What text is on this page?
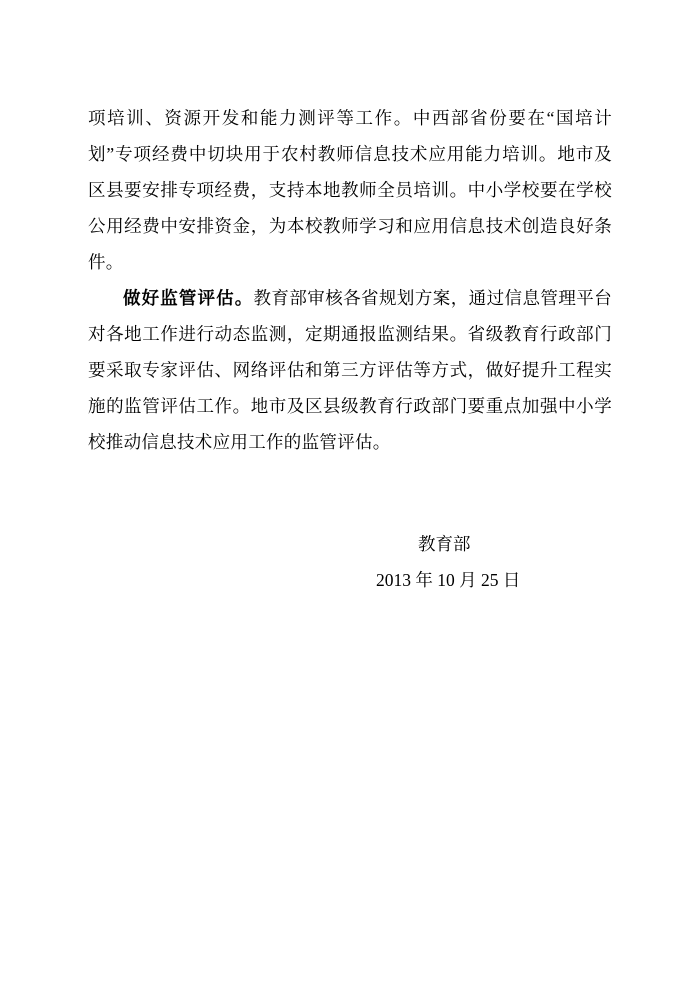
项培训、资源开发和能力测评等工作。中西部省份要在“国培计划”专项经费中切块用于农村教师信息技术应用能力培训。地市及区县要安排专项经费，支持本地教师全员培训。中小学校要在学校公用经费中安排资金，为本校教师学习和应用信息技术创造良好条件。

做好监管评估。教育部审核各省规划方案，通过信息管理平台对各地工作进行动态监测，定期通报监测结果。省级教育行政部门要采取专家评估、网络评估和第三方评估等方式，做好提升工程实施的监管评估工作。地市及区县级教育行政部门要重点加强中小学校推动信息技术应用工作的监管评估。

教育部

2013 年 10 月 25 日
